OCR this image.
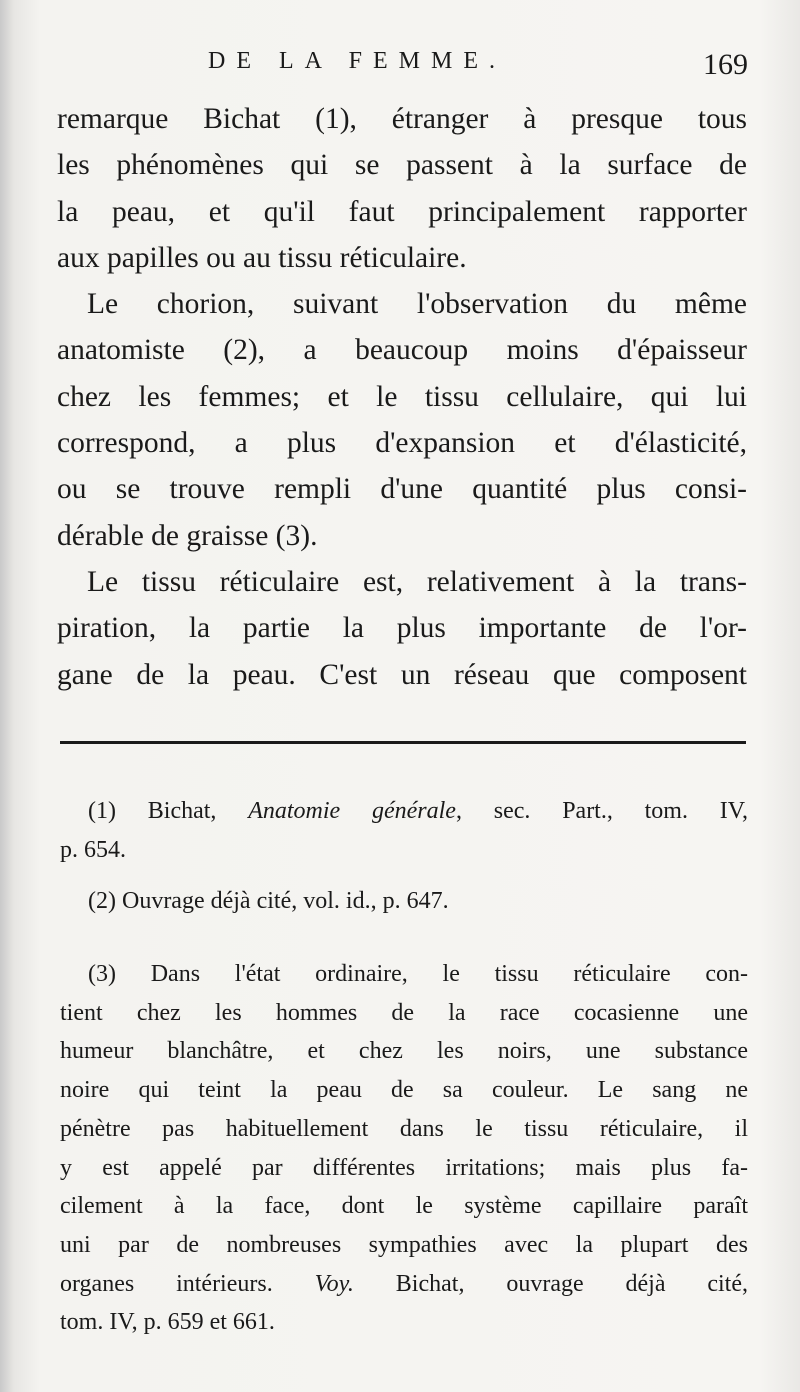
DE LA FEMME.	169
remarque Bichat (1), étranger à presque tous
les phénomènes qui se passent à la surface de
la peau, et qu'il faut principalement rapporter
aux papilles ou au tissu réticulaire.
Le chorion, suivant l'observation du même
anatomiste (2), a beaucoup moins d'épaisseur
chez les femmes; et le tissu cellulaire, qui lui
correspond, a plus d'expansion et d'élasticité,
ou se trouve rempli d'une quantité plus consi-
dérable de graisse (3).
Le tissu réticulaire est, relativement à la trans-
piration, la partie la plus importante de l'or-
gane de la peau. C'est un réseau que composent
(1) Bichat, Anatomie générale, sec. Part., tom. IV,
p. 654.
(2) Ouvrage déjà cité, vol. id., p. 647.
(3) Dans l'état ordinaire, le tissu réticulaire con-
tient chez les hommes de la race cocasienne une
humeur blanchâtre, et chez les noirs, une substance
noire qui teint la peau de sa couleur. Le sang ne
pénètre pas habituellement dans le tissu réticulaire, il
y est appelé par différentes irritations; mais plus fa-
cilement à la face, dont le système capillaire paraît
uni par de nombreuses sympathies avec la plupart des
organes intérieurs. Voy. Bichat, ouvrage déjà cité,
tom. IV, p. 659 et 661.
